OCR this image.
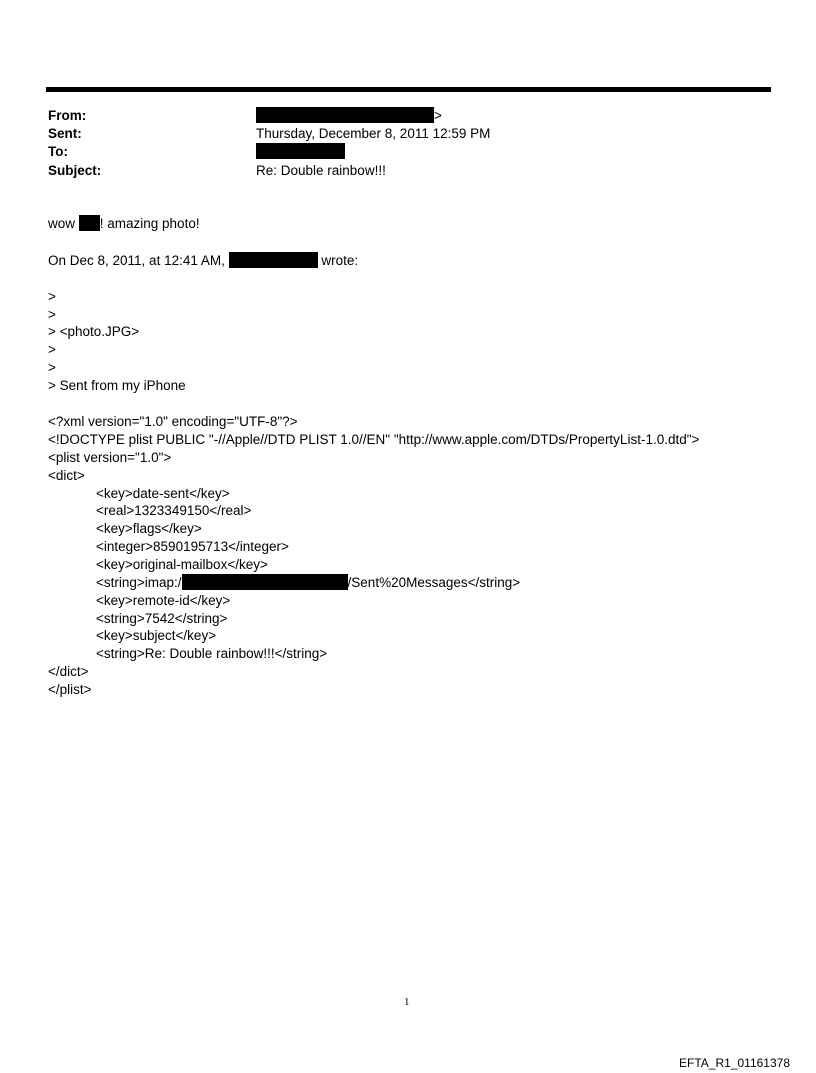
From:	>
Sent:	Thursday, December 8, 2011 12:59 PM
To:
Subject:	Re: Double rainbow!!!
wow ! amazing photo!
On Dec 8, 2011, at 12:41 AM,	wrote:
>
>
> <photo.JPG>
>
>
> Sent from my iPhone
<?xml version="1.0" encoding="UTF-8"?>
<!DOCTYPE plist PUBLIC "-//Apple//DTD PLIST 1.0//EN" "http://www.apple.com/DTDs/PropertyList-1.0.dtd">
<plist version="1.0">
<dict>
<key>date-sent</key>
<real>1323349150</real>
<key>flags</key>
<integer>8590195713</integer>
<key>original-mailbox</key>
<string>imap:/	/Sent%20Messages</string>
<key>remote-id</key>
<string>7542</string>
<key>subject</key>
<string>Re: Double rainbow!!!</string>
</dict>
</plist>
1
EFTA_R1_01161378
